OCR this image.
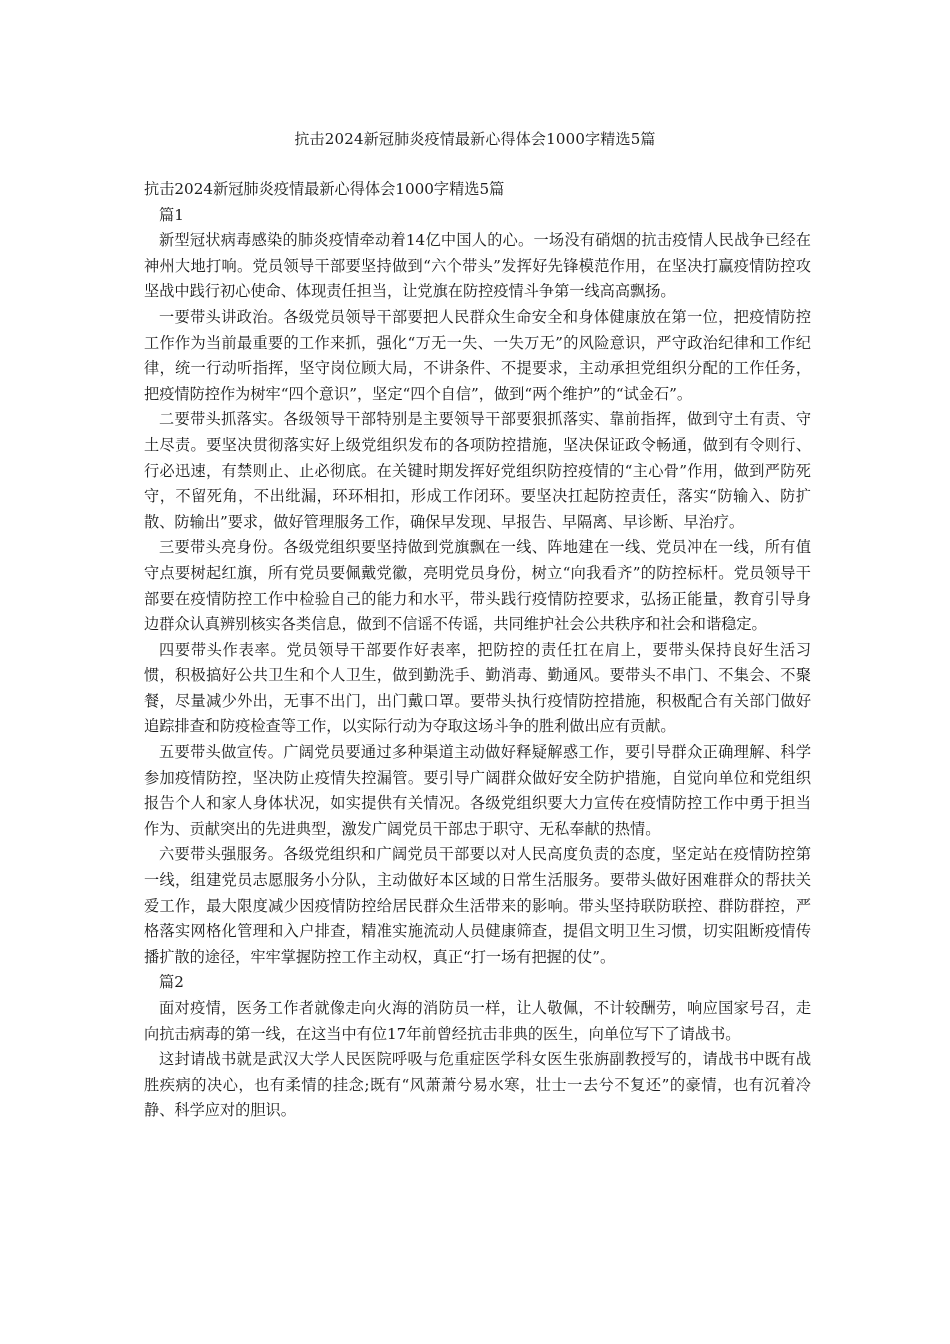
抗击2024新冠肺炎疫情最新心得体会1000字精选5篇

抗击2024新冠肺炎疫情最新心得体会1000字精选5篇

篇1

新型冠状病毒感染的肺炎疫情牵动着14亿中国人的心。一场没有硝烟的抗击疫情人民战争已经在神州大地打响。党员领导干部要坚持做到“六个带头”发挥好先锋模范作用，在坚决打赢疫情防控攻坚战中践行初心使命、体现责任担当，让党旗在防控疫情斗争第一线高高飘扬。

一要带头讲政治。各级党员领导干部要把人民群众生命安全和身体健康放在第一位，把疫情防控工作作为当前最重要的工作来抓，强化“万无一失、一失万无”的风险意识，严守政治纪律和工作纪律，统一行动听指挥，坚守岗位顾大局，不讲条件、不提要求，主动承担党组织分配的工作任务，把疫情防控作为树牢“四个意识”，坚定“四个自信”，做到“两个维护”的“试金石”。

二要带头抓落实。各级领导干部特别是主要领导干部要狠抓落实、靠前指挥，做到守土有责、守土尽责。要坚决贯彻落实好上级党组织发布的各项防控措施，坚决保证政令畅通，做到有令则行、行必迅速，有禁则止、止必彻底。在关键时期发挥好党组织防控疫情的“主心骨”作用，做到严防死守，不留死角，不出纰漏，环环相扣，形成工作闭环。要坚决扛起防控责任，落实“防输入、防扩散、防输出”要求，做好管理服务工作，确保早发现、早报告、早隔离、早诊断、早治疗。

三要带头亮身份。各级党组织要坚持做到党旗飘在一线、阵地建在一线、党员冲在一线，所有值守点要树起红旗，所有党员要佩戴党徽，亮明党员身份，树立“向我看齐”的防控标杆。党员领导干部要在疫情防控工作中检验自己的能力和水平，带头践行疫情防控要求，弘扬正能量，教育引导身边群众认真辨别核实各类信息，做到不信谣不传谣，共同维护社会公共秩序和社会和谐稳定。

四要带头作表率。党员领导干部要作好表率，把防控的责任扛在肩上，要带头保持良好生活习惯，积极搞好公共卫生和个人卫生，做到勤洗手、勤消毒、勤通风。要带头不串门、不集会、不聚餐，尽量减少外出，无事不出门，出门戴口罩。要带头执行疫情防控措施，积极配合有关部门做好追踪排查和防疫检查等工作，以实际行动为夺取这场斗争的胜利做出应有贡献。

五要带头做宣传。广阔党员要通过多种渠道主动做好释疑解惑工作，要引导群众正确理解、科学参加疫情防控，坚决防止疫情失控漏管。要引导广阔群众做好安全防护措施，自觉向单位和党组织报告个人和家人身体状况，如实提供有关情况。各级党组织要大力宣传在疫情防控工作中勇于担当作为、贡献突出的先进典型，激发广阔党员干部忠于职守、无私奉献的热情。

六要带头强服务。各级党组织和广阔党员干部要以对人民高度负责的态度，坚定站在疫情防控第一线，组建党员志愿服务小分队，主动做好本区域的日常生活服务。要带头做好困难群众的帮扶关爱工作，最大限度减少因疫情防控给居民群众生活带来的影响。带头坚持联防联控、群防群控，严格落实网格化管理和入户排查，精准实施流动人员健康筛查，提倡文明卫生习惯，切实阻断疫情传播扩散的途径，牢牢掌握防控工作主动权，真正“打一场有把握的仗”。

篇2

面对疫情，医务工作者就像走向火海的消防员一样，让人敬佩，不计较酬劳，响应国家号召，走向抗击病毒的第一线，在这当中有位17年前曾经抗击非典的医生，向单位写下了请战书。

这封请战书就是武汉大学人民医院呼吸与危重症医学科女医生张旃副教授写的，请战书中既有战胜疾病的决心，也有柔情的挂念;既有“风萧萧兮易水寒，壮士一去兮不复还”的豪情，也有沉着冷静、科学应对的胆识。
